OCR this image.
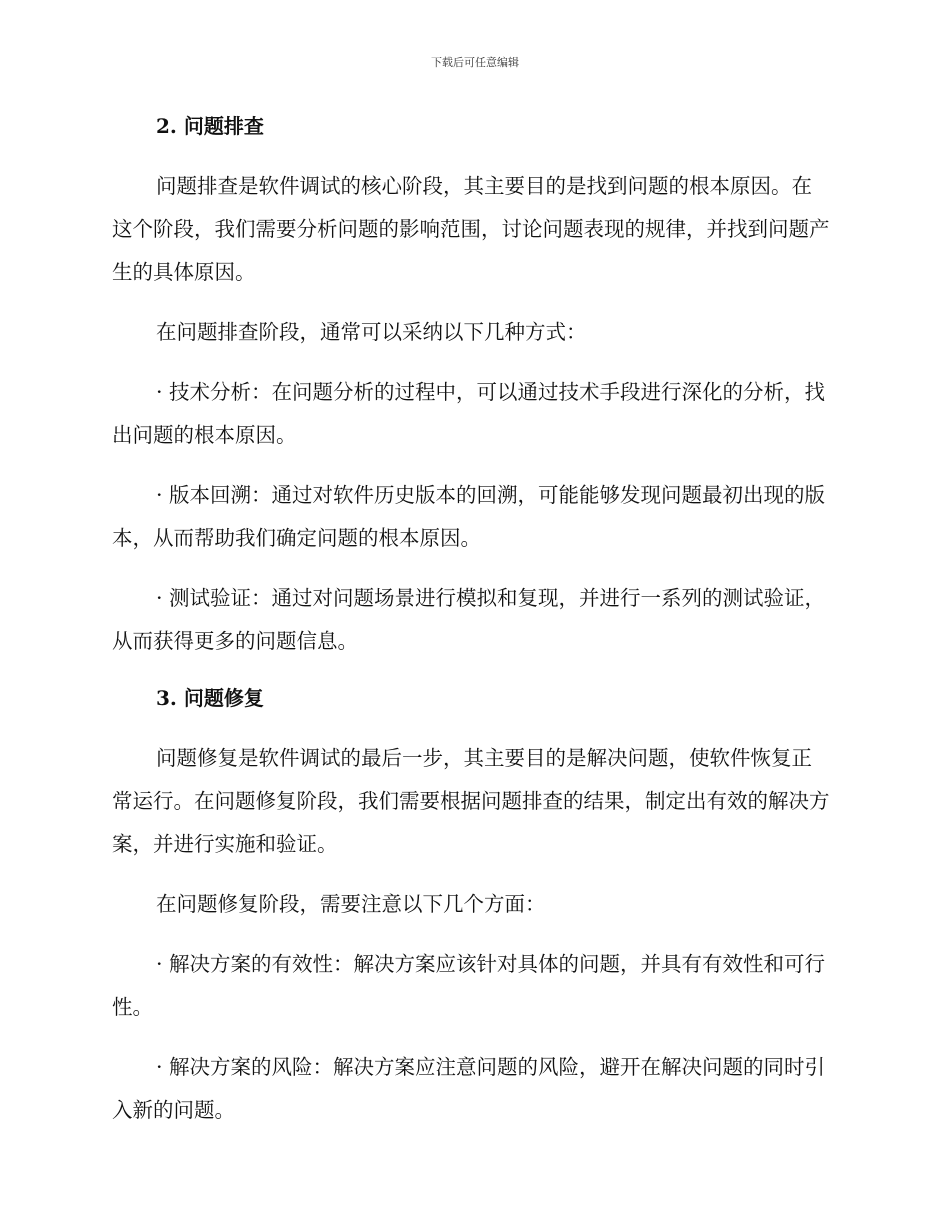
下载后可任意编辑
2. 问题排查

问题排查是软件调试的核心阶段，其主要目的是找到问题的根本原因。在这个阶段，我们需要分析问题的影响范围，讨论问题表现的规律，并找到问题产生的具体原因。

在问题排查阶段，通常可以采纳以下几种方式：

· 技术分析：在问题分析的过程中，可以通过技术手段进行深化的分析，找出问题的根本原因。

· 版本回溯：通过对软件历史版本的回溯，可能能够发现问题最初出现的版本，从而帮助我们确定问题的根本原因。

· 测试验证：通过对问题场景进行模拟和复现，并进行一系列的测试验证，从而获得更多的问题信息。

3. 问题修复

问题修复是软件调试的最后一步，其主要目的是解决问题，使软件恢复正常运行。在问题修复阶段，我们需要根据问题排查的结果，制定出有效的解决方案，并进行实施和验证。

在问题修复阶段，需要注意以下几个方面：

· 解决方案的有效性：解决方案应该针对具体的问题，并具有有效性和可行性。

· 解决方案的风险：解决方案应注意问题的风险，避开在解决问题的同时引入新的问题。
